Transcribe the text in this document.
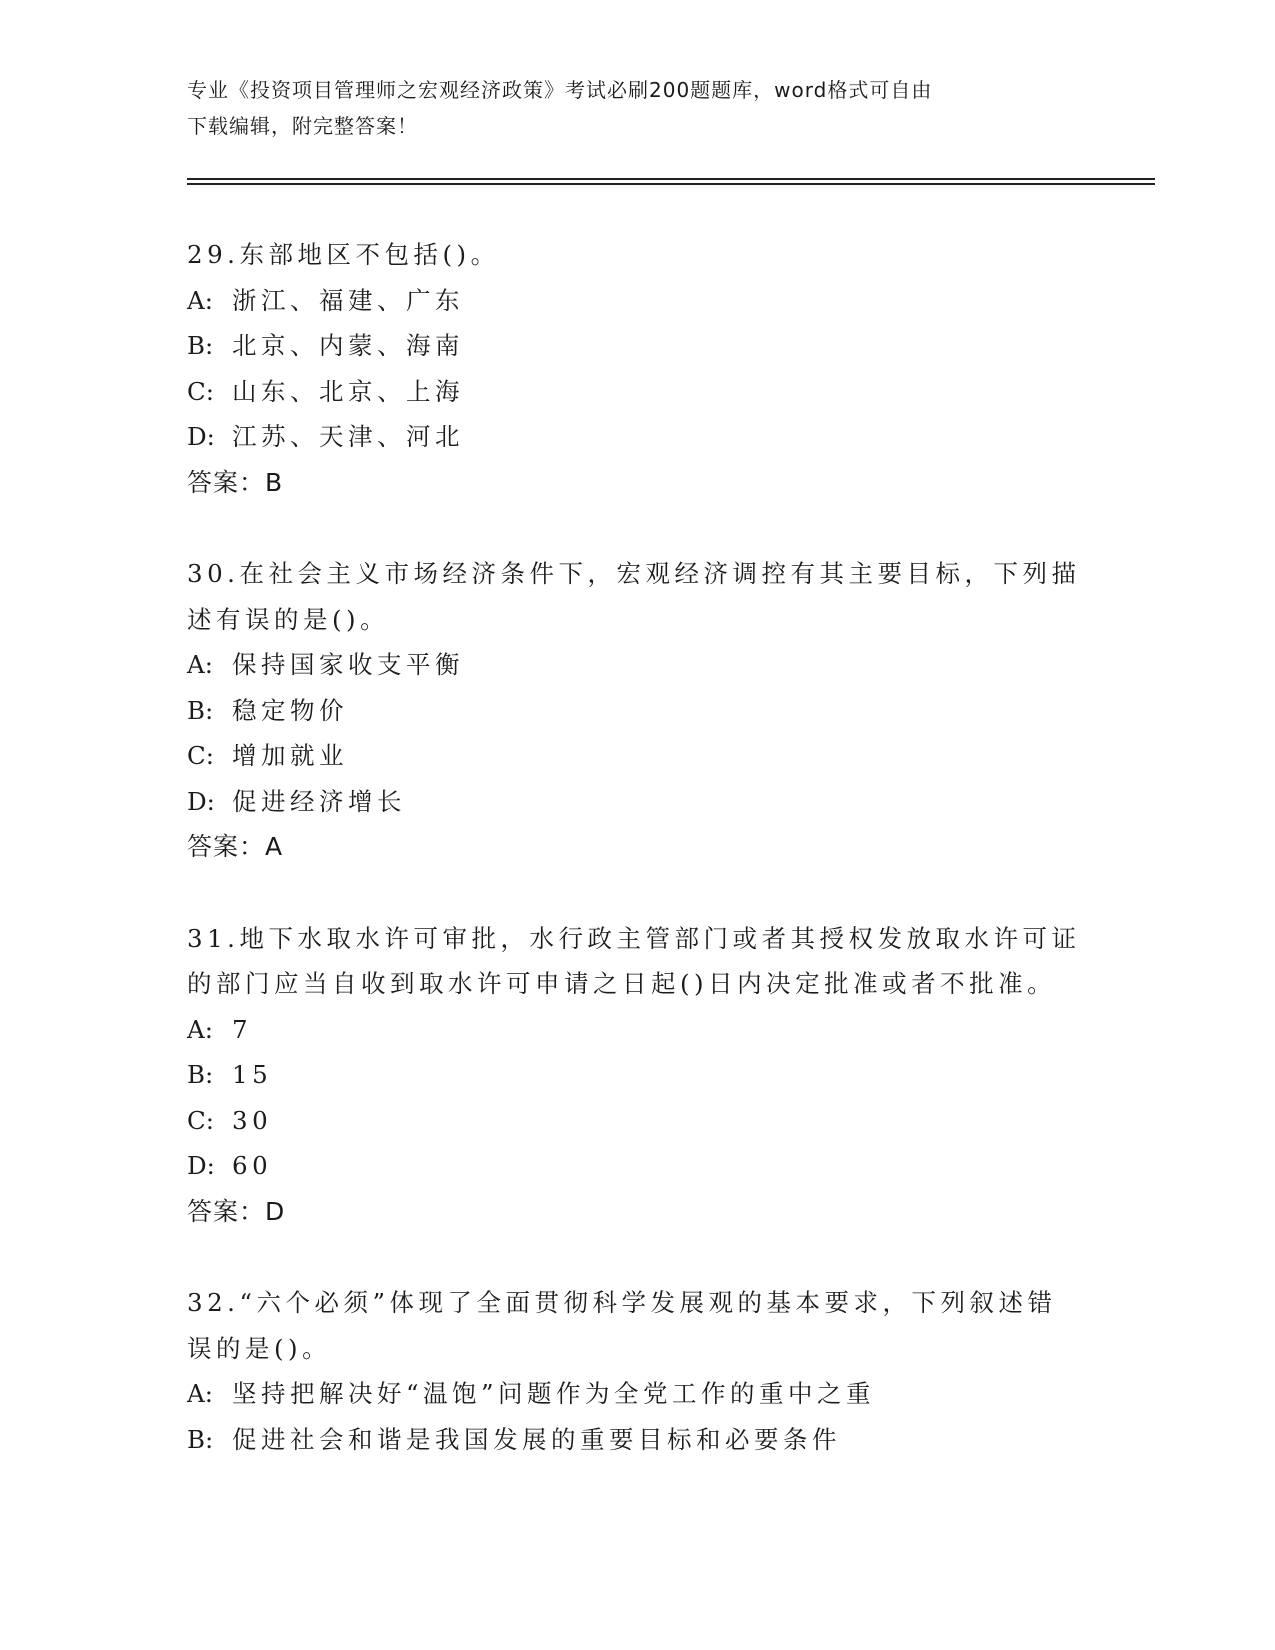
专业《投资项目管理师之宏观经济政策》考试必刷200题题库，word格式可自由
下载编辑，附完整答案！

29.东部地区不包括()。

A: 浙江、福建、广东

B: 北京、内蒙、海南

C: 山东、北京、上海

D: 江苏、天津、河北

答案：B

30.在社会主义市场经济条件下，宏观经济调控有其主要目标，下列描

述有误的是()。

A: 保持国家收支平衡

B: 稳定物价

C: 增加就业

D: 促进经济增长

答案：A

31.地下水取水许可审批，水行政主管部门或者其授权发放取水许可证

的部门应当自收到取水许可申请之日起()日内决定批准或者不批准。

A: 7

B: 15

C: 30

D: 60

答案：D

32.“六个必须”体现了全面贯彻科学发展观的基本要求，下列叙述错

误的是()。

A: 坚持把解决好“温饱”问题作为全党工作的重中之重

B: 促进社会和谐是我国发展的重要目标和必要条件
